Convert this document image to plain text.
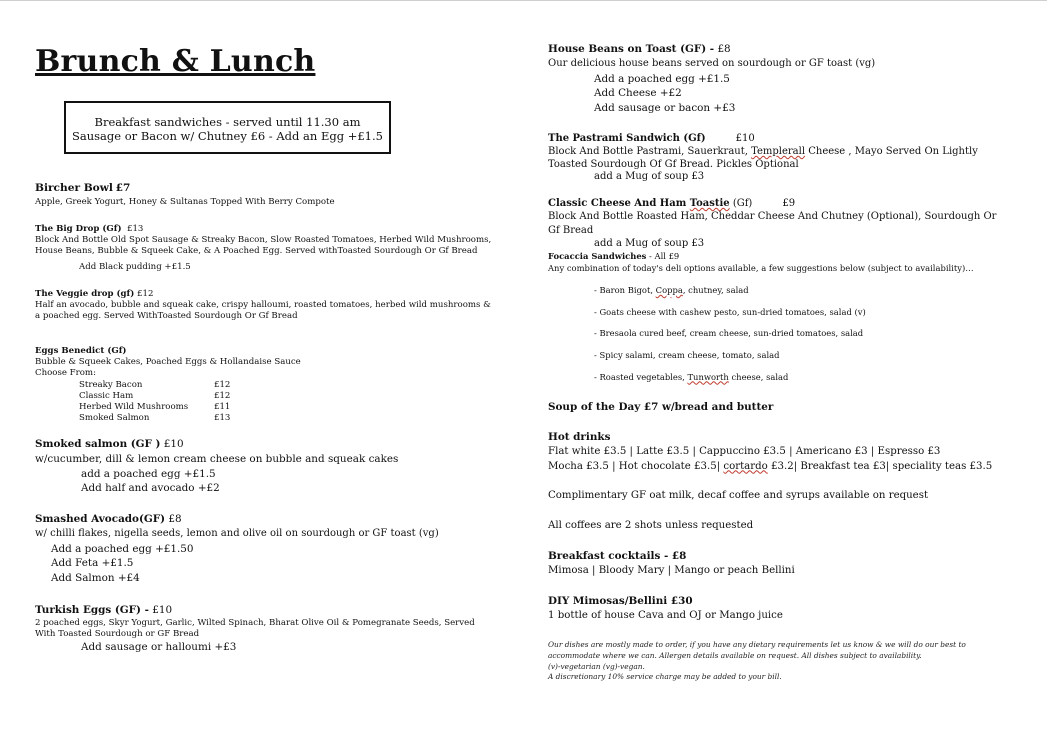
Brunch & Lunch
Breakfast sandwiches - served until 11.30 am
Sausage or Bacon w/ Chutney £6 - Add an Egg +£1.5
Bircher Bowl £7
Apple, Greek Yogurt, Honey & Sultanas Topped With Berry Compote
The Big Drop (Gf) £13
Block And Bottle Old Spot Sausage & Streaky Bacon, Slow Roasted Tomatoes, Herbed Wild Mushrooms, House Beans, Bubble & Squeek Cake, & A Poached Egg. Served withToasted Sourdough Or Gf Bread
Add Black pudding +£1.5
The Veggie drop (gf) £12
Half an avocado, bubble and squeak cake, crispy halloumi, roasted tomatoes, herbed wild mushrooms & a poached egg. Served WithToasted Sourdough Or Gf Bread
Eggs Benedict (Gf)
Bubble & Squeek Cakes, Poached Eggs & Hollandaise Sauce
Choose From:
Streaky Bacon	£12
Classic Ham	£12
Herbed Wild Mushrooms	£11
Smoked Salmon	£13
Smoked salmon (GF ) £10
w/cucumber, dill & lemon cream cheese on bubble and squeak cakes
add a poached egg +£1.5
Add half and avocado +£2
Smashed Avocado(GF) £8
w/ chilli flakes, nigella seeds, lemon and olive oil on sourdough or GF toast (vg)
Add a poached egg +£1.50
Add Feta +£1.5
Add Salmon +£4
Turkish Eggs (GF) - £10
2 poached eggs, Skyr Yogurt, Garlic, Wilted Spinach, Bharat Olive Oil & Pomegranate Seeds, Served With Toasted Sourdough or GF Bread
Add sausage or halloumi +£3
House Beans on Toast (GF) - £8
Our delicious house beans served on sourdough or GF toast (vg)
Add a poached egg +£1.5
Add Cheese +£2
Add sausage or bacon +£3
The Pastrami Sandwich (Gf)	£10
Block And Bottle Pastrami, Sauerkraut, Templerall Cheese , Mayo Served On Lightly Toasted Sourdough Of Gf Bread. Pickles Optional
add a Mug of soup £3
Classic Cheese And Ham Toastie (Gf)	£9
Block And Bottle Roasted Ham, Cheddar Cheese And Chutney (Optional), Sourdough Or Gf Bread
add a Mug of soup £3
Focaccia Sandwiches - All £9
Any combination of today's deli options available, a few suggestions below (subject to availability)…
- Baron Bigot, Coppa, chutney, salad
- Goats cheese with cashew pesto, sun-dried tomatoes, salad (v)
- Bresaola cured beef, cream cheese, sun-dried tomatoes, salad
- Spicy salami, cream cheese, tomato, salad
- Roasted vegetables, Tunworth cheese, salad
Soup of the Day £7 w/bread and butter
Hot drinks
Flat white £3.5 | Latte £3.5 | Cappuccino £3.5 | Americano £3 | Espresso £3
Mocha £3.5 | Hot chocolate £3.5| cortardo £3.2| Breakfast tea £3| speciality teas £3.5
Complimentary GF oat milk, decaf coffee and syrups available on request
All coffees are 2 shots unless requested
Breakfast cocktails - £8
Mimosa | Bloody Mary | Mango or peach Bellini
DIY Mimosas/Bellini £30
1 bottle of house Cava and OJ or Mango juice
Our dishes are mostly made to order, if you have any dietary requirements let us know & we will do our best to accommodate where we can. Allergen details available on request. All dishes subject to availability.
(v)-vegetarian (vg)-vegan.
A discretionary 10% service charge may be added to your bill.
